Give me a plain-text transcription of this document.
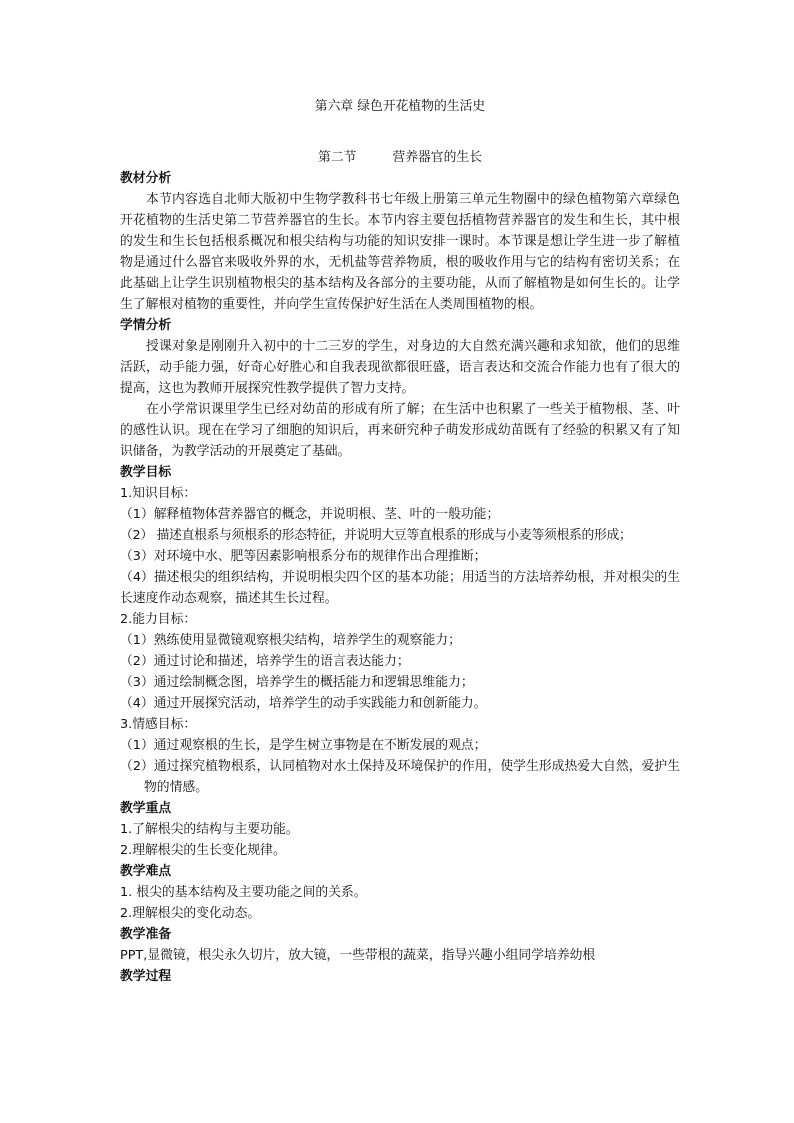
第六章 绿色开花植物的生活史

第二节	营养器官的生长

教材分析

本节内容选自北师大版初中生物学教科书七年级上册第三单元生物圈中的绿色植物第六章绿色开花植物的生活史第二节营养器官的生长。本节内容主要包括植物营养器官的发生和生长，其中根的发生和生长包括根系概况和根尖结构与功能的知识安排一课时。本节课是想让学生进一步了解植物是通过什么器官来吸收外界的水，无机盐等营养物质，根的吸收作用与它的结构有密切关系；在此基础上让学生识别植物根尖的基本结构及各部分的主要功能，从而了解植物是如何生长的。让学生了解根对植物的重要性，并向学生宣传保护好生活在人类周围植物的根。

学情分析

授课对象是刚刚升入初中的十二三岁的学生，对身边的大自然充满兴趣和求知欲，他们的思维活跃，动手能力强，好奇心好胜心和自我表现欲都很旺盛，语言表达和交流合作能力也有了很大的提高，这也为教师开展探究性教学提供了智力支持。

在小学常识课里学生已经对幼苗的形成有所了解；在生活中也积累了一些关于植物根、茎、叶的感性认识。现在在学习了细胞的知识后，再来研究种子萌发形成幼苗既有了经验的积累又有了知识储备，为教学活动的开展奠定了基础。

教学目标

1.知识目标：

（1）解释植物体营养器官的概念，并说明根、茎、叶的一般功能；

（2） 描述直根系与须根系的形态特征，并说明大豆等直根系的形成与小麦等须根系的形成；

（3）对环境中水、肥等因素影响根系分布的规律作出合理推断；

（4）描述根尖的组织结构，并说明根尖四个区的基本功能；用适当的方法培养幼根，并对根尖的生长速度作动态观察，描述其生长过程。

2.能力目标：

（1）熟练使用显微镜观察根尖结构，培养学生的观察能力；

（2）通过讨论和描述，培养学生的语言表达能力；

（3）通过绘制概念图，培养学生的概括能力和逻辑思维能力；

（4）通过开展探究活动，培养学生的动手实践能力和创新能力。

3.情感目标：

（1）通过观察根的生长，是学生树立事物是在不断发展的观点；

（2）通过探究植物根系，认同植物对水土保持及环境保护的作用，使学生形成热爱大自然，爱护生物的情感。

教学重点

1.了解根尖的结构与主要功能。

2.理解根尖的生长变化规律。

教学难点

1. 根尖的基本结构及主要功能之间的关系。

2.理解根尖的变化动态。

教学准备

PPT,显微镜，根尖永久切片，放大镜，一些带根的蔬菜，指导兴趣小组同学培养幼根

教学过程
